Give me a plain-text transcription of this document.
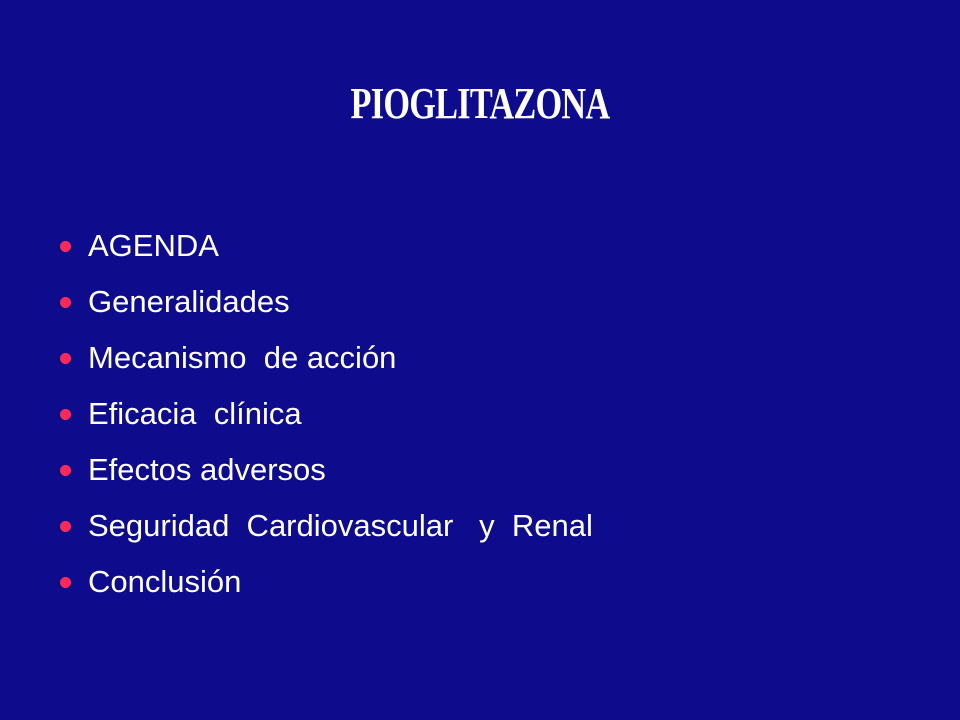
PIOGLITAZONA
AGENDA
Generalidades
Mecanismo  de acción
Eficacia  clínica
Efectos adversos
Seguridad  Cardiovascular   y  Renal
Conclusión
